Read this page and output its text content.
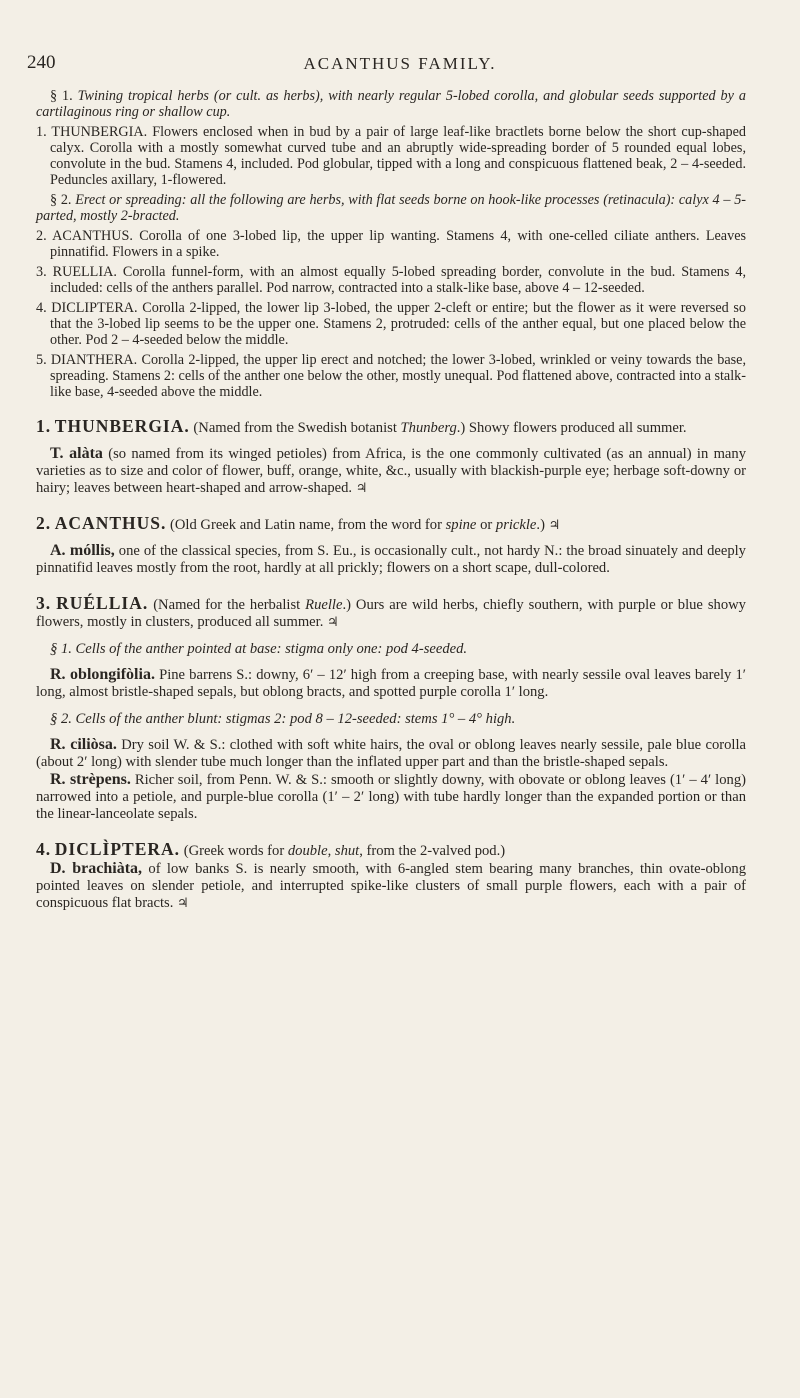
240	ACANTHUS FAMILY.

§ 1. Twining tropical herbs (or cult. as herbs), with nearly regular 5-lobed corolla, and globular seeds supported by a cartilaginous ring or shallow cup.

1. THUNBERGIA. Flowers enclosed when in bud by a pair of large leaf-like bractlets borne below the short cup-shaped calyx. Corolla with a mostly somewhat curved tube and an abruptly wide-spreading border of 5 rounded equal lobes, convolute in the bud. Stamens 4, included. Pod globular, tipped with a long and conspicuous flattened beak, 2 – 4-seeded. Peduncles axillary, 1-flowered.

§ 2. Erect or spreading: all the following are herbs, with flat seeds borne on hook-like processes (retinacula): calyx 4 – 5-parted, mostly 2-bracted.

2. ACANTHUS. Corolla of one 3-lobed lip, the upper lip wanting. Stamens 4, with one-celled ciliate anthers. Leaves pinnatifid. Flowers in a spike.

3. RUELLIA. Corolla funnel-form, with an almost equally 5-lobed spreading border, convolute in the bud. Stamens 4, included: cells of the anthers parallel. Pod narrow, contracted into a stalk-like base, above 4 – 12-seeded.

4. DICLIPTERA. Corolla 2-lipped, the lower lip 3-lobed, the upper 2-cleft or entire; but the flower as it were reversed so that the 3-lobed lip seems to be the upper one. Stamens 2, protruded: cells of the anther equal, but one placed below the other. Pod 2 – 4-seeded below the middle.

5. DIANTHERA. Corolla 2-lipped, the upper lip erect and notched; the lower 3-lobed, wrinkled or veiny towards the base, spreading. Stamens 2: cells of the anther one below the other, mostly unequal. Pod flattened above, contracted into a stalk-like base, 4-seeded above the middle.

1. THUNBERGIA. (Named from the Swedish botanist Thunberg.) Showy flowers produced all summer.

T. alàta (so named from its winged petioles) from Africa, is the one commonly cultivated (as an annual) in many varieties as to size and color of flower, buff, orange, white, &c., usually with blackish-purple eye; herbage soft-downy or hairy; leaves between heart-shaped and arrow-shaped. ♃

2. ACANTHUS. (Old Greek and Latin name, from the word for spine or prickle.) ♃

A. móllis, one of the classical species, from S. Eu., is occasionally cult., not hardy N.: the broad sinuately and deeply pinnatifid leaves mostly from the root, hardly at all prickly; flowers on a short scape, dull-colored.

3. RUÉLLIA. (Named for the herbalist Ruelle.) Ours are wild herbs, chiefly southern, with purple or blue showy flowers, mostly in clusters, produced all summer. ♃

§ 1. Cells of the anther pointed at base: stigma only one: pod 4-seeded.

R. oblongifòlia. Pine barrens S.: downy, 6′ – 12′ high from a creeping base, with nearly sessile oval leaves barely 1′ long, almost bristle-shaped sepals, but oblong bracts, and spotted purple corolla 1′ long.

§ 2. Cells of the anther blunt: stigmas 2: pod 8 – 12-seeded: stems 1° – 4° high.

R. ciliòsa. Dry soil W. & S.: clothed with soft white hairs, the oval or oblong leaves nearly sessile, pale blue corolla (about 2′ long) with slender tube much longer than the inflated upper part and than the bristle-shaped sepals.

R. strèpens. Richer soil, from Penn. W. & S.: smooth or slightly downy, with obovate or oblong leaves (1′ – 4′ long) narrowed into a petiole, and purple-blue corolla (1′ – 2′ long) with tube hardly longer than the expanded portion or than the linear-lanceolate sepals.

4. DICLÌPTERA. (Greek words for double, shut, from the 2-valved pod.)

D. brachiàta, of low banks S. is nearly smooth, with 6-angled stem bearing many branches, thin ovate-oblong pointed leaves on slender petiole, and interrupted spike-like clusters of small purple flowers, each with a pair of conspicuous flat bracts. ♃
